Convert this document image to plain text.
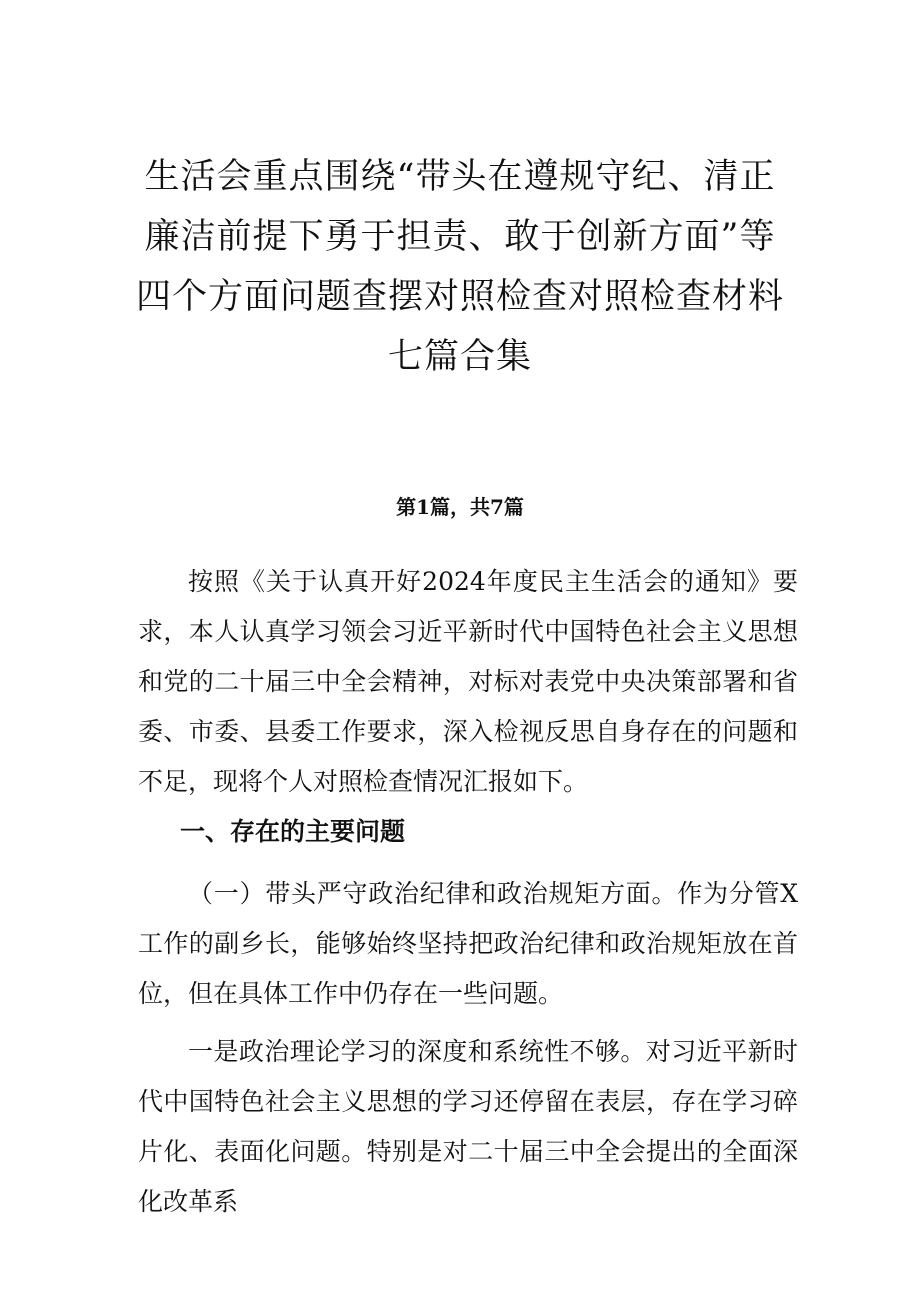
生活会重点围绕“带头在遵规守纪、清正
廉洁前提下勇于担责、敢于创新方面”等
四个方面问题查摆对照检查对照检查材料
七篇合集
第1篇，共7篇

按照《关于认真开好2024年度民主生活会的通知》要求，本人认真学习领会习近平新时代中国特色社会主义思想和党的二十届三中全会精神，对标对表党中央决策部署和省委、市委、县委工作要求，深入检视反思自身存在的问题和不足，现将个人对照检查情况汇报如下。

一、存在的主要问题

（一）带头严守政治纪律和政治规矩方面。作为分管X工作的副乡长，能够始终坚持把政治纪律和政治规矩放在首位，但在具体工作中仍存在一些问题。

一是政治理论学习的深度和系统性不够。对习近平新时代中国特色社会主义思想的学习还停留在表层，存在学习碎片化、表面化问题。特别是对二十届三中全会提出的全面深化改革系
